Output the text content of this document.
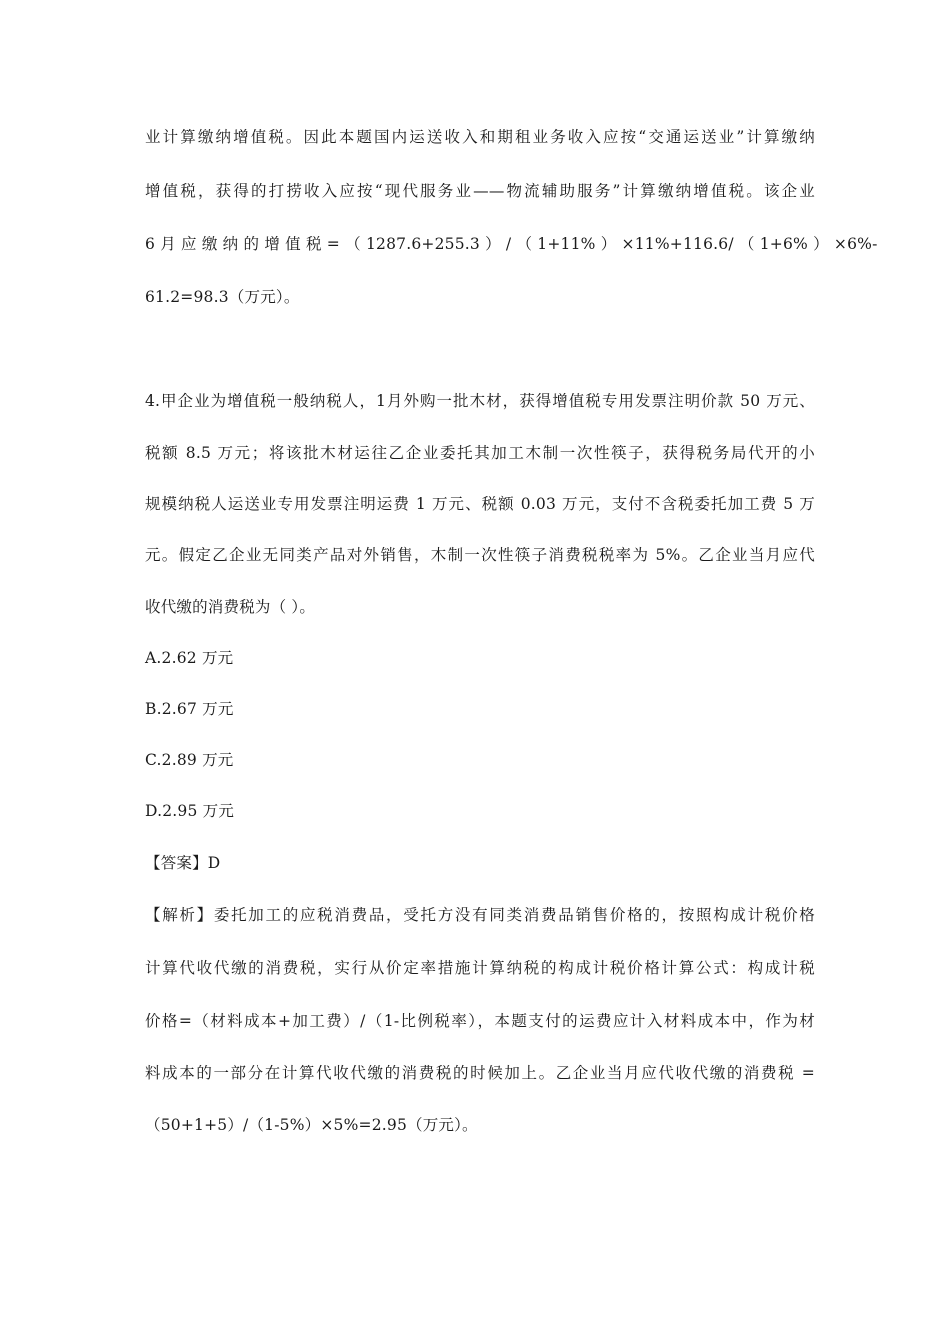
业计算缴纳增值税。因此本题国内运送收入和期租业务收入应按“交通运送业”计算缴纳
增值税，获得的打捞收入应按“现代服务业——物流辅助服务”计算缴纳增值税。该企业
6 月 应 缴 纳 的 增 值 税 = （ 1287.6+255.3 ） / （ 1+11% ） ×11%+116.6/ （ 1+6% ） ×6%-
61.2=98.3（万元）。
4.甲企业为增值税一般纳税人，1月外购一批木材，获得增值税专用发票注明价款 50 万元、
税额 8.5 万元；将该批木材运往乙企业委托其加工木制一次性筷子，获得税务局代开的小
规模纳税人运送业专用发票注明运费 1 万元、税额 0.03 万元，支付不含税委托加工费 5 万
元。假定乙企业无同类产品对外销售，木制一次性筷子消费税税率为 5%。乙企业当月应代
收代缴的消费税为（ ）。
A.2.62 万元
B.2.67 万元
C.2.89 万元
D.2.95 万元
【答案】D
【解析】委托加工的应税消费品，受托方没有同类消费品销售价格的，按照构成计税价格
计算代收代缴的消费税，实行从价定率措施计算纳税的构成计税价格计算公式：构成计税
价格=（材料成本+加工费）/（1-比例税率），本题支付的运费应计入材料成本中，作为材
料成本的一部分在计算代收代缴的消费税的时候加上。乙企业当月应代收代缴的消费税 =
（50+1+5）/（1-5%）×5%=2.95（万元）。
